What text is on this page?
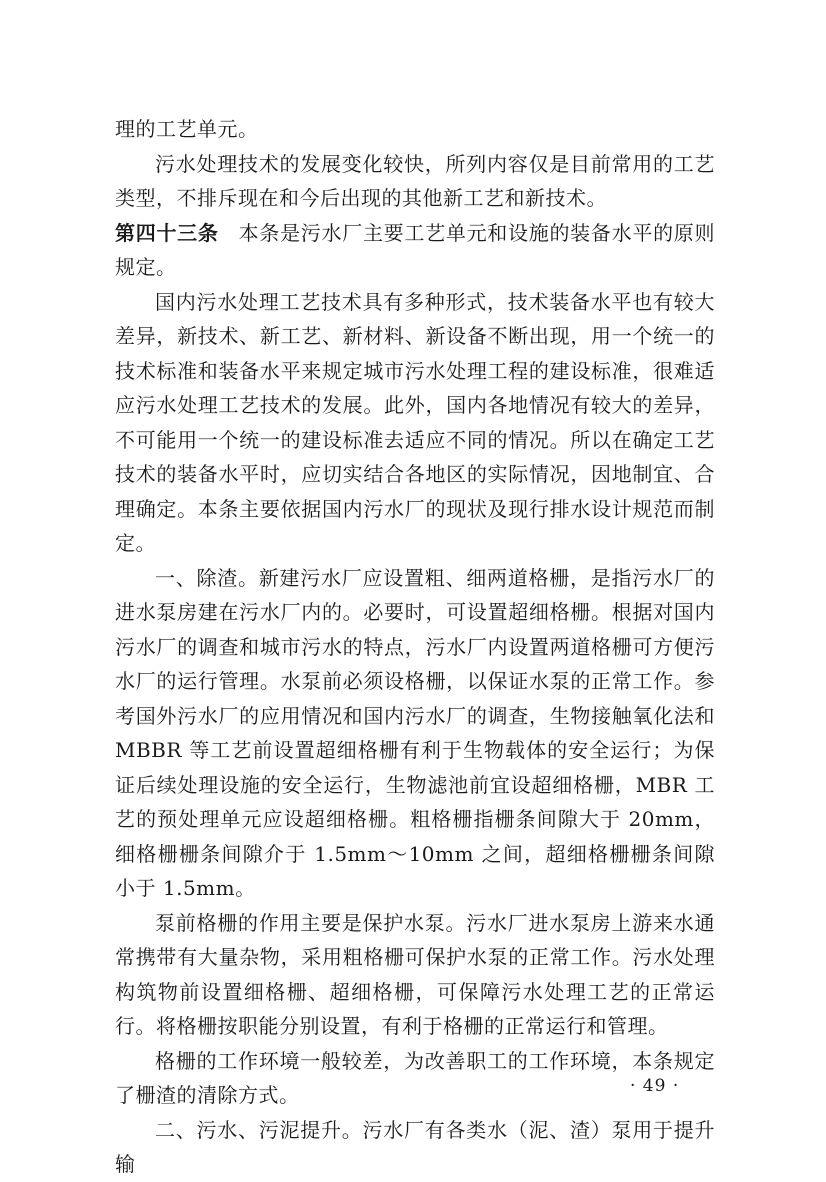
理的工艺单元。

污水处理技术的发展变化较快，所列内容仅是目前常用的工艺类型，不排斥现在和今后出现的其他新工艺和新技术。

第四十三条 本条是污水厂主要工艺单元和设施的装备水平的原则规定。

国内污水处理工艺技术具有多种形式，技术装备水平也有较大差异，新技术、新工艺、新材料、新设备不断出现，用一个统一的技术标准和装备水平来规定城市污水处理工程的建设标准，很难适应污水处理工艺技术的发展。此外，国内各地情况有较大的差异，不可能用一个统一的建设标准去适应不同的情况。所以在确定工艺技术的装备水平时，应切实结合各地区的实际情况，因地制宜、合理确定。本条主要依据国内污水厂的现状及现行排水设计规范而制定。

一、除渣。新建污水厂应设置粗、细两道格栅，是指污水厂的进水泵房建在污水厂内的。必要时，可设置超细格栅。根据对国内污水厂的调查和城市污水的特点，污水厂内设置两道格栅可方便污水厂的运行管理。水泵前必须设格栅，以保证水泵的正常工作。参考国外污水厂的应用情况和国内污水厂的调查，生物接触氧化法和 MBBR 等工艺前设置超细格栅有利于生物载体的安全运行；为保证后续处理设施的安全运行，生物滤池前宜设超细格栅，MBR 工艺的预处理单元应设超细格栅。粗格栅指栅条间隙大于 20mm，细格栅栅条间隙介于 1.5mm～10mm 之间，超细格栅栅条间隙小于 1.5mm。

泵前格栅的作用主要是保护水泵。污水厂进水泵房上游来水通常携带有大量杂物，采用粗格栅可保护水泵的正常工作。污水处理构筑物前设置细格栅、超细格栅，可保障污水处理工艺的正常运行。将格栅按职能分别设置，有利于格栅的正常运行和管理。

格栅的工作环境一般较差，为改善职工的工作环境，本条规定了栅渣的清除方式。

二、污水、污泥提升。污水厂有各类水（泥、渣）泵用于提升输

· 49 ·
